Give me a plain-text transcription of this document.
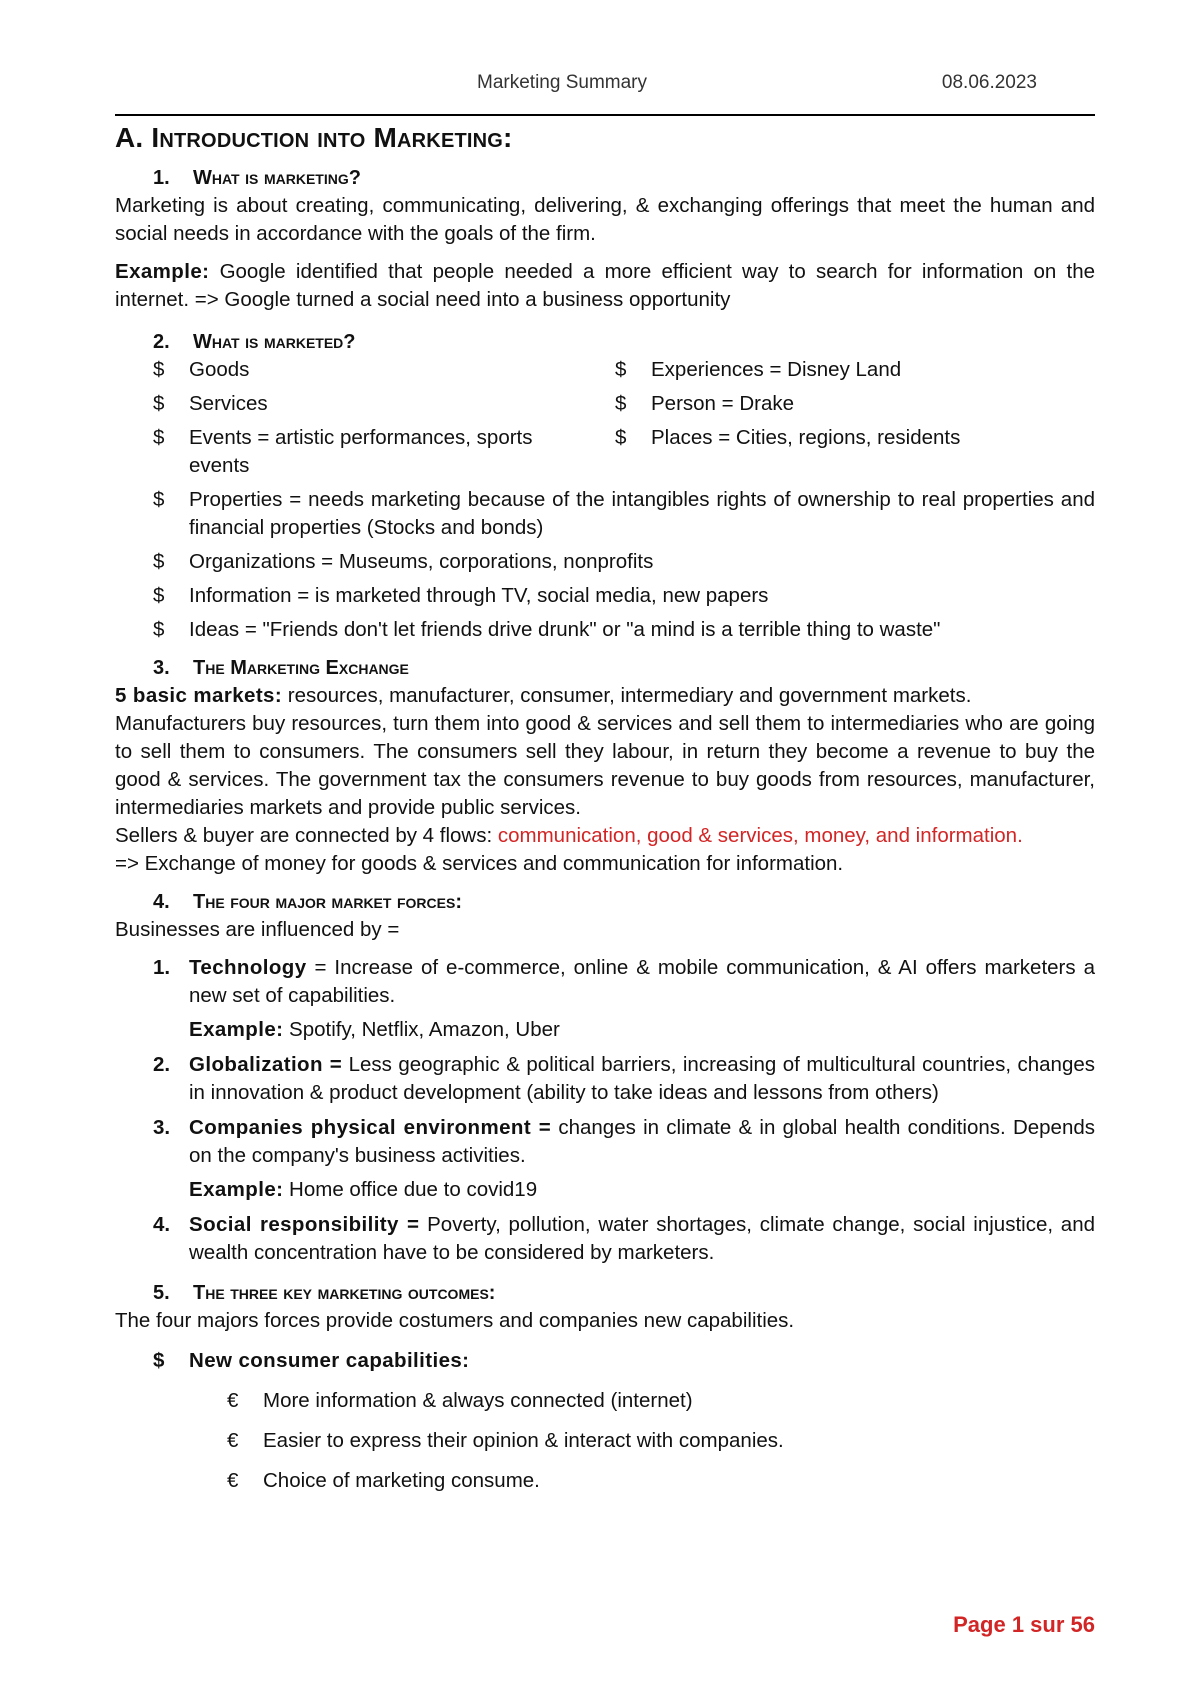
Marketing Summary	08.06.2023
A. Introduction into Marketing:
1.	What is marketing?

Marketing is about creating, communicating, delivering, & exchanging offerings that meet the human and social needs in accordance with the goals of the firm.

Example: Google identified that people needed a more efficient way to search for information on the internet. => Google turned a social need into a business opportunity

2.	What is marketed?
$	Goods
$	Services
$	Events = artistic performances, sports events
$	Experiences = Disney Land
$	Person = Drake
$	Places = Cities, regions, residents
$	Properties = needs marketing because of the intangibles rights of ownership to real properties and financial properties (Stocks and bonds)
$	Organizations = Museums, corporations, nonprofits
$	Information = is marketed through TV, social media, new papers
$	Ideas = "Friends don't let friends drive drunk" or "a mind is a terrible thing to waste"
3.	The Marketing Exchange

5 basic markets: resources, manufacturer, consumer, intermediary and government markets.

Manufacturers buy resources, turn them into good & services and sell them to intermediaries who are going to sell them to consumers. The consumers sell they labour, in return they become a revenue to buy the good & services. The government tax the consumers revenue to buy goods from resources, manufacturer, intermediaries markets and provide public services.

Sellers & buyer are connected by 4 flows: communication, good & services, money, and information.

=> Exchange of money for goods & services and communication for information.

4.	The four major market forces:

Businesses are influenced by =

1. Technology = Increase of e-commerce, online & mobile communication, & AI offers marketers a new set of capabilities.

Example: Spotify, Netflix, Amazon, Uber

2. Globalization = Less geographic & political barriers, increasing of multicultural countries, changes in innovation & product development (ability to take ideas and lessons from others)
3. Companies physical environment = changes in climate & in global health conditions. Depends on the company's business activities.

Example: Home office due to covid19

4. Social responsibility = Poverty, pollution, water shortages, climate change, social injustice, and wealth concentration have to be considered by marketers.
5.	The three key marketing outcomes:

The four majors forces provide costumers and companies new capabilities.

$	New consumer capabilities:
€	More information & always connected (internet)
€	Easier to express their opinion & interact with companies.
€	Choice of marketing consume.
Page 1 sur 56
